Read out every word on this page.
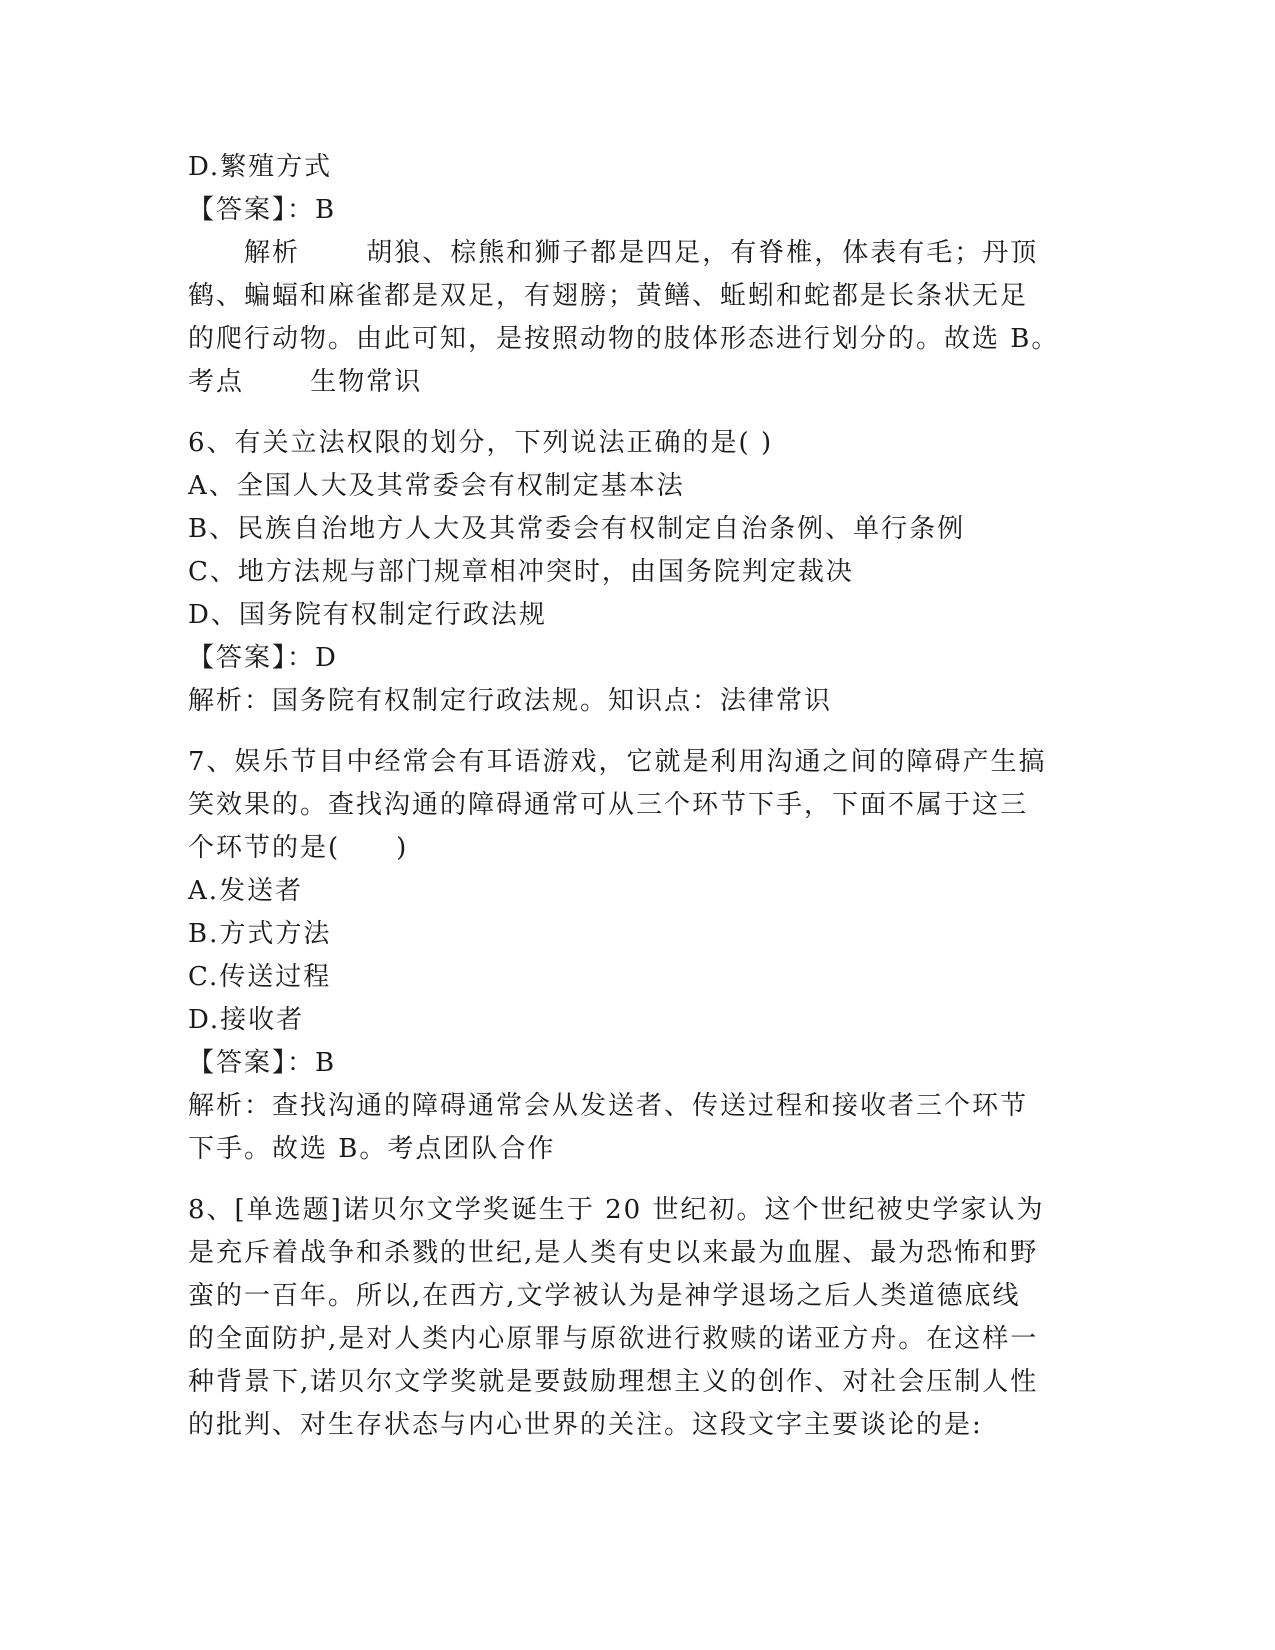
D.繁殖方式
【答案】：B
解析　　 胡狼、棕熊和狮子都是四足，有脊椎，体表有毛；丹顶
鹤、蝙蝠和麻雀都是双足，有翅膀；黄鳝、蚯蚓和蛇都是长条状无足
的爬行动物。由此可知，是按照动物的肢体形态进行划分的。故选 B。
考点　　 生物常识
6、有关立法权限的划分，下列说法正确的是( )
A、全国人大及其常委会有权制定基本法
B、民族自治地方人大及其常委会有权制定自治条例、单行条例
C、地方法规与部门规章相冲突时，由国务院判定裁决
D、国务院有权制定行政法规
【答案】：D
解析：国务院有权制定行政法规。知识点：法律常识
7、娱乐节目中经常会有耳语游戏，它就是利用沟通之间的障碍产生搞
笑效果的。查找沟通的障碍通常可从三个环节下手，下面不属于这三
个环节的是(　　)
A.发送者
B.方式方法
C.传送过程
D.接收者
【答案】：B
解析：查找沟通的障碍通常会从发送者、传送过程和接收者三个环节
下手。故选 B。考点团队合作
8、[单选题]诺贝尔文学奖诞生于 20 世纪初。这个世纪被史学家认为
是充斥着战争和杀戮的世纪,是人类有史以来最为血腥、最为恐怖和野
蛮的一百年。所以,在西方,文学被认为是神学退场之后人类道德底线
的全面防护,是对人类内心原罪与原欲进行救赎的诺亚方舟。在这样一
种背景下,诺贝尔文学奖就是要鼓励理想主义的创作、对社会压制人性
的批判、对生存状态与内心世界的关注。这段文字主要谈论的是:
